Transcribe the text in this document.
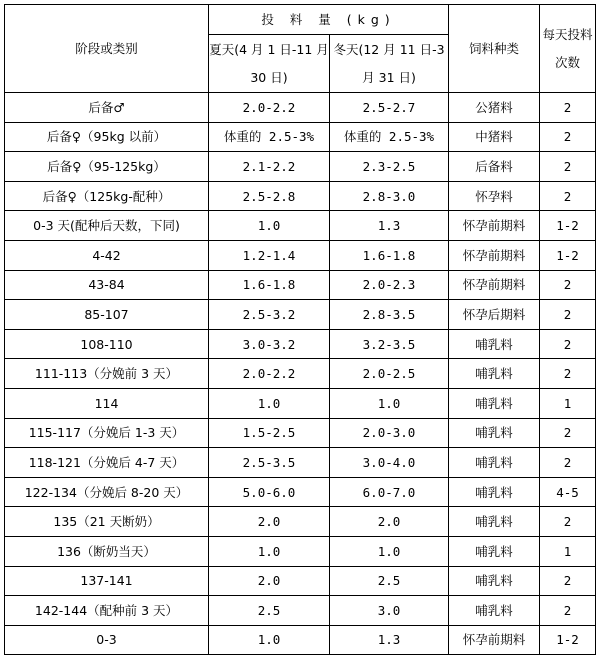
阶段或类别	投 料 量 (kg)		饲料种类	每天投料次数
	夏天(4 月 1 日-11 月 30 日)	冬天(12 月 11 日-3 月 31 日)		
后备♂	2.0-2.2	2.5-2.7	公猪料	2
后备♀（95kg 以前）	体重的 2.5-3%	体重的 2.5-3%	中猪料	2
后备♀（95-125kg）	2.1-2.2	2.3-2.5	后备料	2
后备♀（125kg-配种）	2.5-2.8	2.8-3.0	怀孕料	2
0-3 天(配种后天数，下同)	1.0	1.3	怀孕前期料	1-2
4-42	1.2-1.4	1.6-1.8	怀孕前期料	1-2
43-84	1.6-1.8	2.0-2.3	怀孕前期料	2
85-107	2.5-3.2	2.8-3.5	怀孕后期料	2
108-110	3.0-3.2	3.2-3.5	哺乳料	2
111-113（分娩前 3 天）	2.0-2.2	2.0-2.5	哺乳料	2
114	1.0	1.0	哺乳料	1
115-117（分娩后 1-3 天）	1.5-2.5	2.0-3.0	哺乳料	2
118-121（分娩后 4-7 天）	2.5-3.5	3.0-4.0	哺乳料	2
122-134（分娩后 8-20 天）	5.0-6.0	6.0-7.0	哺乳料	4-5
135（21 天断奶）	2.0	2.0	哺乳料	2
136（断奶当天）	1.0	1.0	哺乳料	1
137-141	2.0	2.5	哺乳料	2
142-144（配种前 3 天）	2.5	3.0	哺乳料	2
0-3	1.0	1.3	怀孕前期料	1-2
